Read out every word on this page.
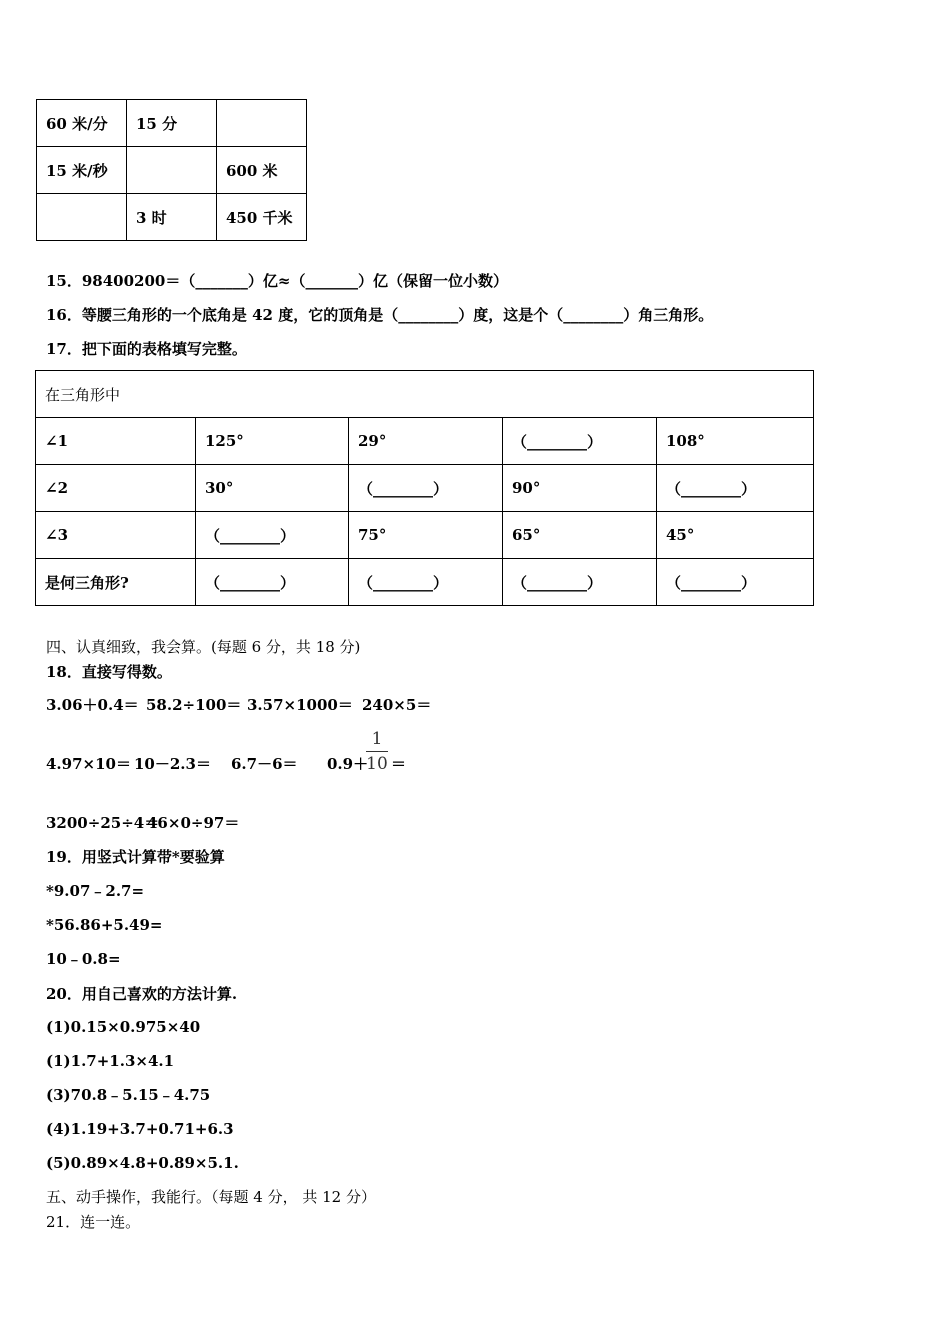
60 米/分	15 分	
15 米/秒		600 米
	3 时	450 千米
15．98400200＝（_______）亿≈（_______）亿（保留一位小数）
16．等腰三角形的一个底角是 42 度，它的顶角是（________）度，这是个（________）角三角形。
17．把下面的表格填写完整。
在三角形中				
∠1	125°	29°	（________）	108°
∠2	30°	（________）	90°	（________）
∠3	（________）	75°	65°	45°
是何三角形?	（________）	（________）	（________）	（________）
四、认真细致，我会算。(每题 6 分，共 18 分)
18．直接写得数。
3.06＋0.4＝ 58.2÷100＝ 3.57×1000＝ 240×5＝
4.97×10＝ 10－2.3＝ 6.7－6＝ 0.9＋
1
10 ＝
3200÷25÷4＝
46×0÷97＝
19．用竖式计算带*要验算
*9.07﹣2.7=
*56.86+5.49=
10﹣0.8=
20．用自己喜欢的方法计算.
(1)0.15×0.975×40
(1)1.7+1.3×4.1
(3)70.8﹣5.15﹣4.75
(4)1.19+3.7+0.71+6.3
(5)0.89×4.8+0.89×5.1.
五、动手操作，我能行。（每题 4 分， 共 12 分）
21．连一连。
